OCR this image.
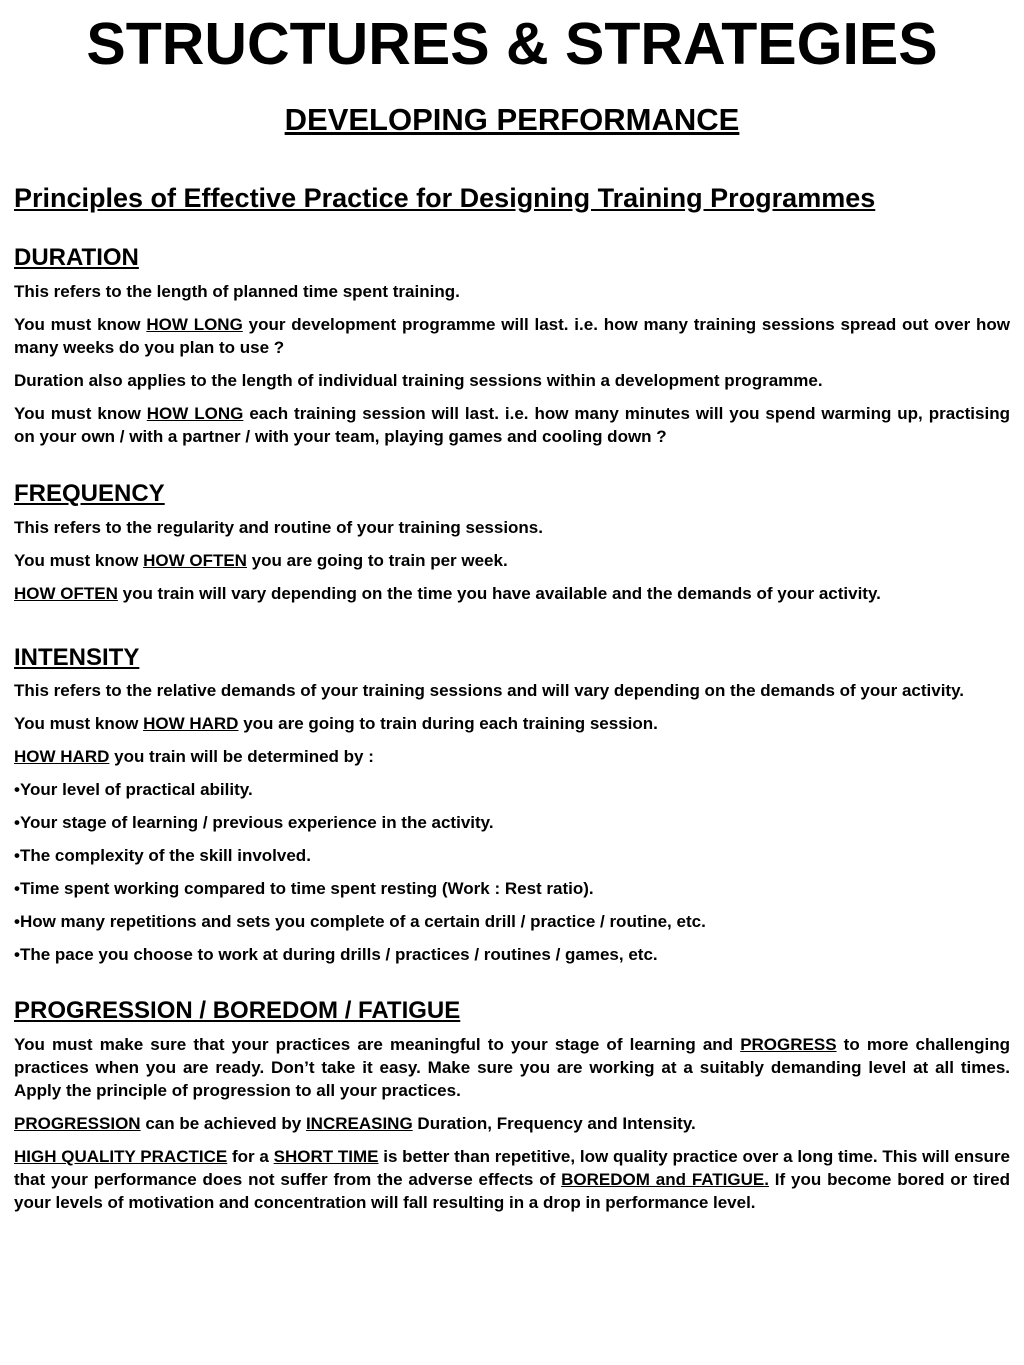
STRUCTURES & STRATEGIES
DEVELOPING PERFORMANCE
Principles of Effective Practice for Designing Training Programmes
DURATION

This refers to the length of planned time spent training.

You must know HOW LONG your development programme will last. i.e. how many training sessions spread out over how many weeks do you plan to use ?

Duration also applies to the length of individual training sessions within a development programme.

You must know HOW LONG each training session will last. i.e. how many minutes will you spend warming up, practising on your own / with a partner / with your team, playing games and cooling down ?

FREQUENCY

This refers to the regularity and routine of your training sessions.

You must know HOW OFTEN you are going to train per week.

HOW OFTEN you train will vary depending on the time you have available and the demands of your activity.

INTENSITY

This refers to the relative demands of your training sessions and will vary depending on the demands of your activity.

You must know HOW HARD you are going to train during each training session.

HOW HARD you train will be determined by :

•Your level of practical ability.

•Your stage of learning / previous experience in the activity.

•The complexity of the skill involved.

•Time spent working compared to time spent resting (Work : Rest ratio).

•How many repetitions and sets you complete of a certain drill / practice / routine, etc.

•The pace you choose to work at during drills / practices / routines / games, etc.

PROGRESSION / BOREDOM / FATIGUE

You must make sure that your practices are meaningful to your stage of learning and PROGRESS to more challenging practices when you are ready. Don’t take it easy. Make sure you are working at a suitably demanding level at all times. Apply the principle of progression to all your practices.

PROGRESSION can be achieved by INCREASING Duration, Frequency and Intensity.

HIGH QUALITY PRACTICE for a SHORT TIME is better than repetitive, low quality practice over a long time. This will ensure that your performance does not suffer from the adverse effects of BOREDOM and FATIGUE. If you become bored or tired your levels of motivation and concentration will fall resulting in a drop in performance level.
